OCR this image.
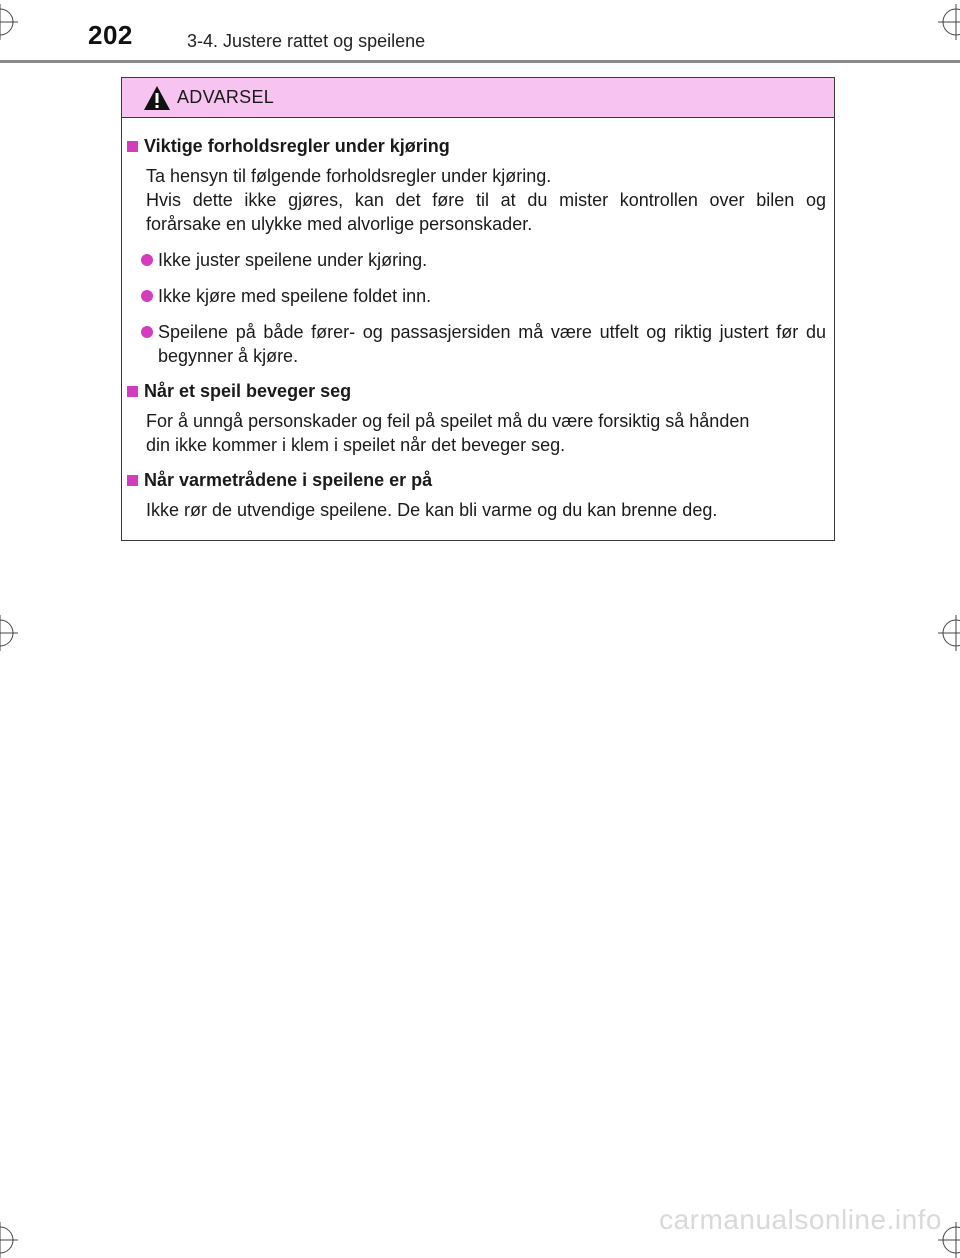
202	3-4. Justere rattet og speilene
ADVARSEL
Viktige forholdsregler under kjøring
Ta hensyn til følgende forholdsregler under kjøring.
Hvis dette ikke gjøres, kan det føre til at du mister kontrollen over bilen og
forårsake en ulykke med alvorlige personskader.
Ikke juster speilene under kjøring.
Ikke kjøre med speilene foldet inn.
Speilene på både fører- og passasjersiden må være utfelt og riktig justert før du begynner å kjøre.
Når et speil beveger seg
For å unngå personskader og feil på speilet må du være forsiktig så hånden
din ikke kommer i klem i speilet når det beveger seg.
Når varmetrådene i speilene er på
Ikke rør de utvendige speilene. De kan bli varme og du kan brenne deg.
carmanualsonline.info
